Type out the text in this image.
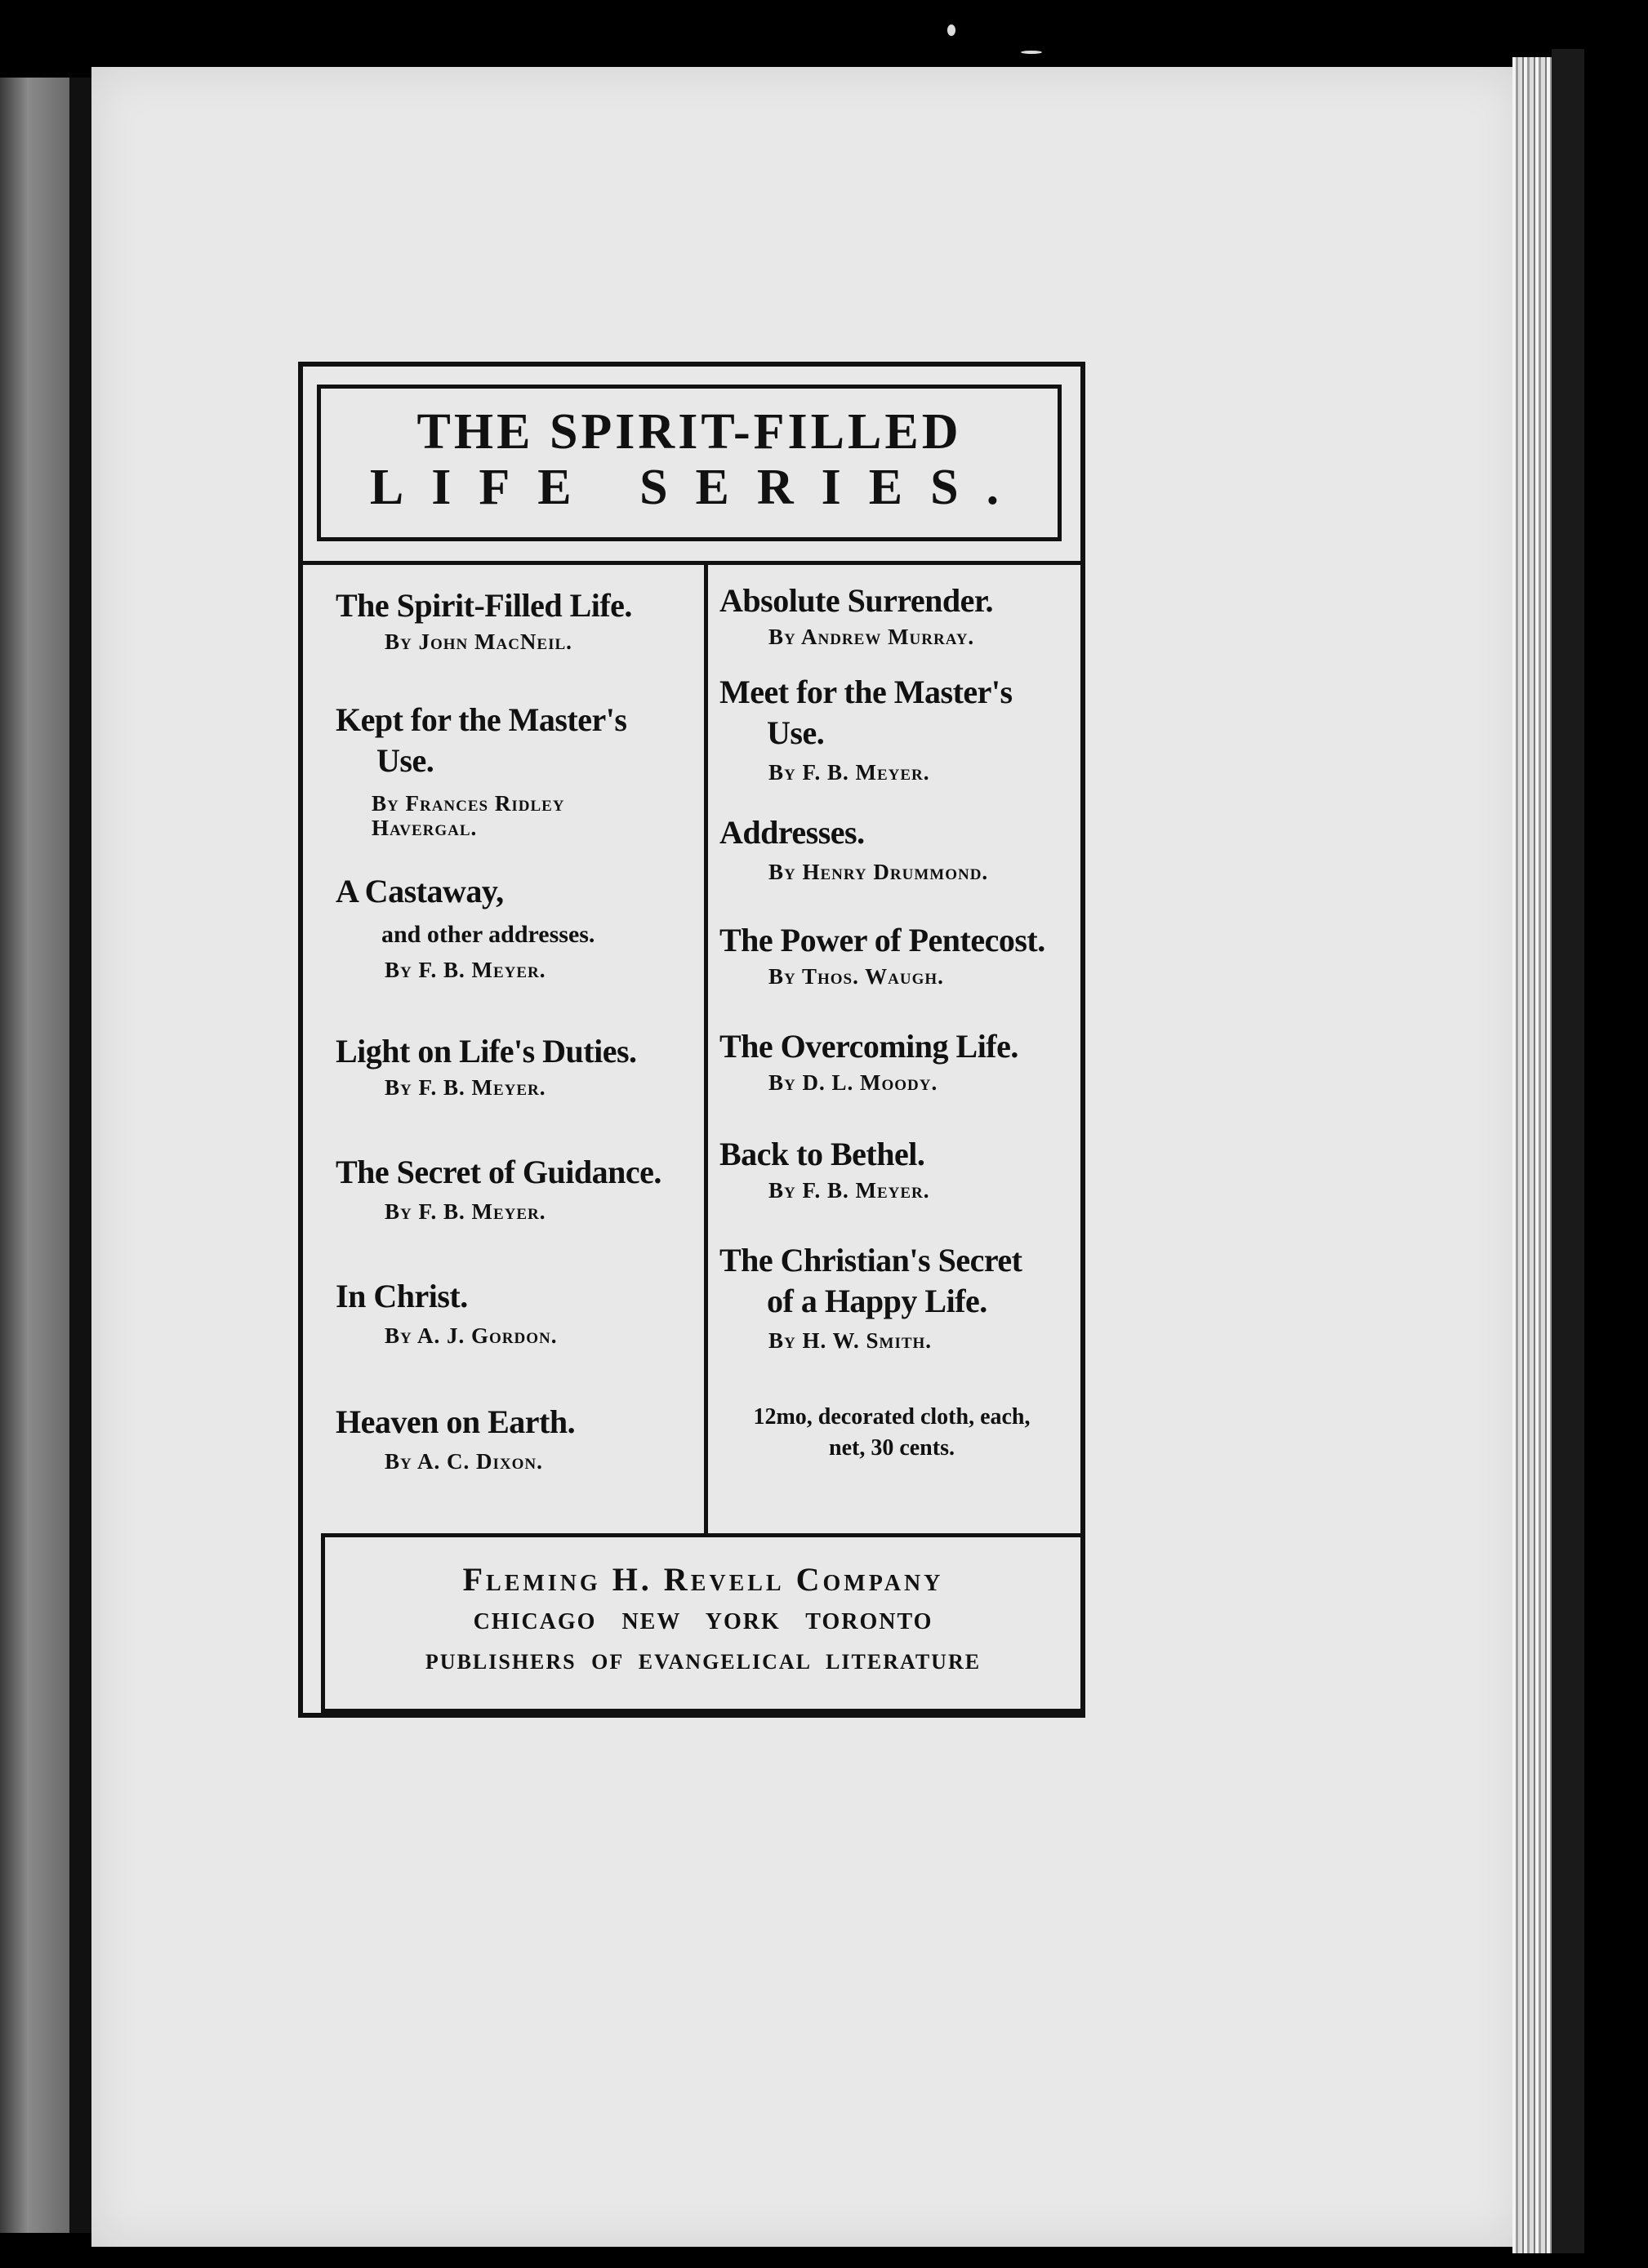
THE SPIRIT-FILLED
LIFE SERIES.
The Spirit-Filled Life.
By John MacNeil.
Kept for the Master's
Use.
By Frances Ridley
Havergal.
A Castaway,
and other addresses.
By F. B. Meyer.
Light on Life's Duties.
By F. B. Meyer.
The Secret of Guidance.
By F. B. Meyer.
In Christ.
By A. J. Gordon.
Heaven on Earth.
By A. C. Dixon.
Absolute Surrender.
By Andrew Murray.
Meet for the Master's
Use.
By F. B. Meyer.
Addresses.
By Henry Drummond.
The Power of Pentecost.
By Thos. Waugh.
The Overcoming Life.
By D. L. Moody.
Back to Bethel.
By F. B. Meyer.
The Christian's Secret
of a Happy Life.
By H. W. Smith.
12mo, decorated cloth, each,
net, 30 cents.
Fleming H. Revell Company
CHICAGO NEW YORK TORONTO
PUBLISHERS OF EVANGELICAL LITERATURE
